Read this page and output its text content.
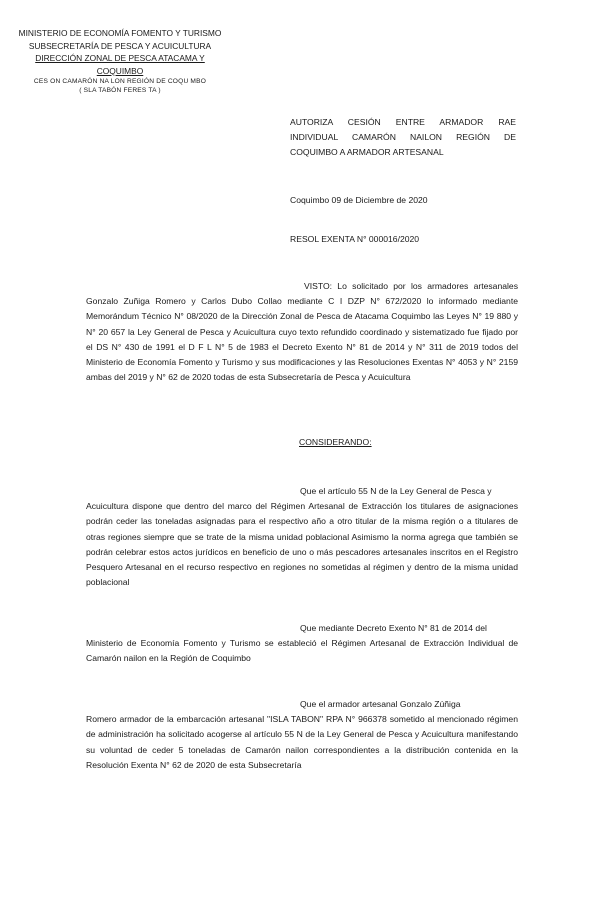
MINISTERIO DE ECONOMÍA FOMENTO Y TURISMO
SUBSECRETARÍA DE PESCA Y ACUICULTURA
DIRECCIÓN ZONAL DE PESCA ATACAMA Y
COQUIMBO
CES ON CAMARÓN NA LON REGIÓN DE COQU MBO
( SLA TABÓN FERES TA )
AUTORIZA CESIÓN ENTRE ARMADOR RAE INDIVIDUAL CAMARÓN NAILON REGIÓN DE COQUIMBO A ARMADOR ARTESANAL
Coquimbo 09 de Diciembre de 2020
RESOL EXENTA N° 000016/2020
VISTO: Lo solicitado por los armadores artesanales Gonzalo Zuñiga Romero y Carlos Dubo Collao mediante C I DZP N° 672/2020 lo informado mediante Memorándum Técnico N° 08/2020 de la Dirección Zonal de Pesca de Atacama Coquimbo las Leyes N° 19 880 y N° 20 657 la Ley General de Pesca y Acuicultura cuyo texto refundido coordinado y sistematizado fue fijado por el DS N° 430 de 1991 el D F L N° 5 de 1983 el Decreto Exento N° 81 de 2014 y N° 311 de 2019 todos del Ministerio de Economía Fomento y Turismo y sus modificaciones y las Resoluciones Exentas N° 4053 y N° 2159 ambas del 2019 y N° 62 de 2020 todas de esta Subsecretaría de Pesca y Acuicultura
CONSIDERANDO:
Que el artículo 55 N de la Ley General de Pesca y
Acuicultura dispone que dentro del marco del Régimen Artesanal de Extracción los titulares de asignaciones podrán ceder las toneladas asignadas para el respectivo año a otro titular de la misma región o a titulares de otras regiones siempre que se trate de la misma unidad poblacional Asimismo la norma agrega que también se podrán celebrar estos actos jurídicos en beneficio de uno o más pescadores artesanales inscritos en el Registro Pesquero Artesanal en el recurso respectivo en regiones no sometidas al régimen y dentro de la misma unidad poblacional
Que mediante Decreto Exento N° 81 de 2014 del
Ministerio de Economía Fomento y Turismo se estableció el Régimen Artesanal de Extracción Individual de Camarón nailon en la Región de Coquimbo
Que el armador artesanal Gonzalo Zúñiga
Romero armador de la embarcación artesanal "ISLA TABON" RPA N° 966378 sometido al mencionado régimen de administración ha solicitado acogerse al artículo 55 N de la Ley General de Pesca y Acuicultura manifestando su voluntad de ceder 5 toneladas de Camarón nailon correspondientes a la distribución contenida en la Resolución Exenta N° 62 de 2020 de esta Subsecretaría
